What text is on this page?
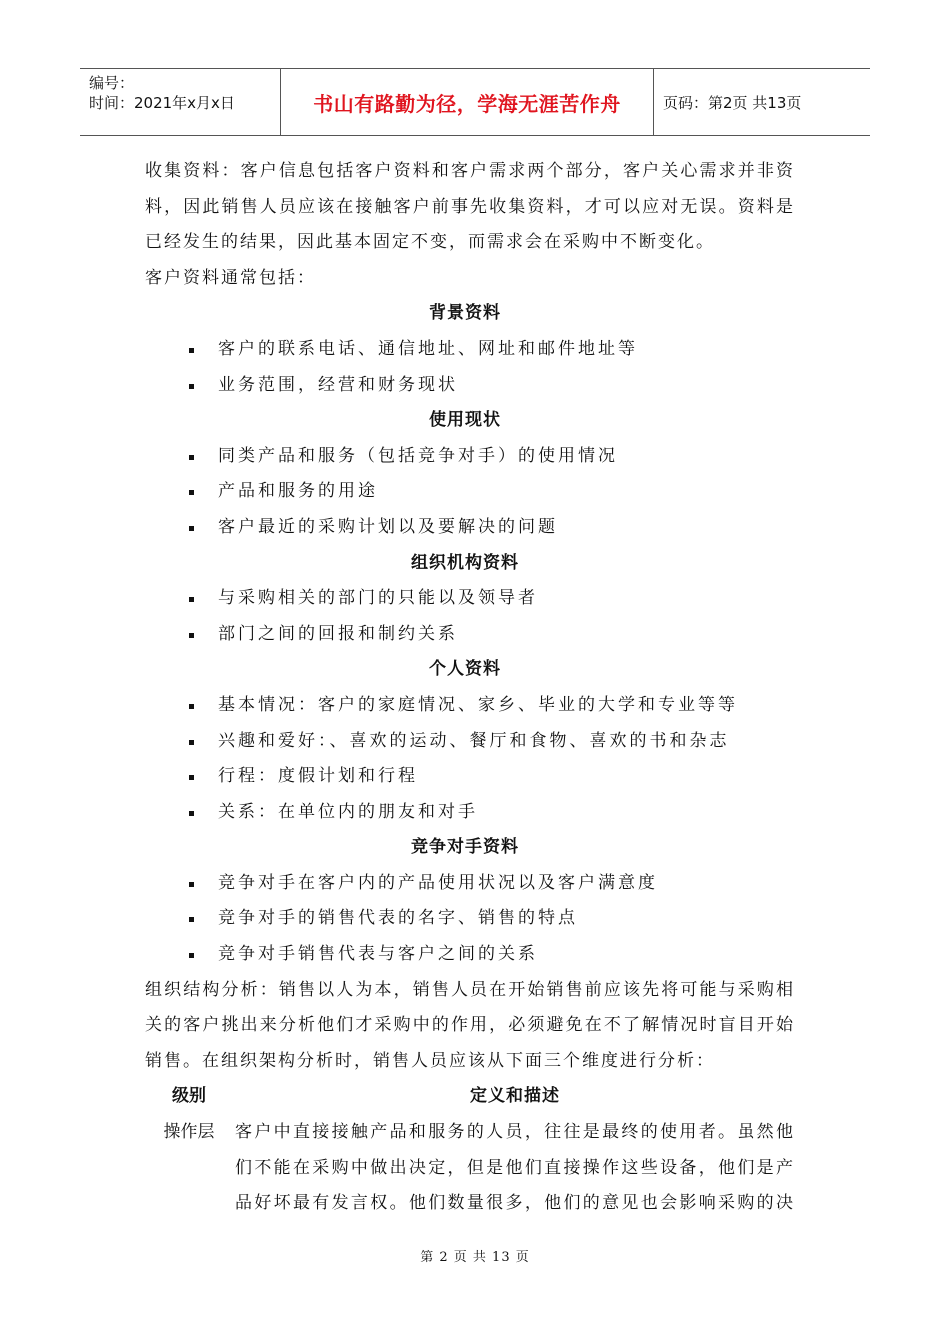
编号：
时间：2021年x月x日	书山有路勤为径，学海无涯苦作舟	页码：第2页 共13页
收集资料：客户信息包括客户资料和客户需求两个部分，客户关心需求并非资
料，因此销售人员应该在接触客户前事先收集资料，才可以应对无误。资料是
已经发生的结果，因此基本固定不变，而需求会在采购中不断变化。
客户资料通常包括：
背景资料
客户的联系电话、通信地址、网址和邮件地址等
业务范围，经营和财务现状
使用现状
同类产品和服务（包括竞争对手）的使用情况
产品和服务的用途
客户最近的采购计划以及要解决的问题
组织机构资料
与采购相关的部门的只能以及领导者
部门之间的回报和制约关系
个人资料
基本情况：客户的家庭情况、家乡、毕业的大学和专业等等
兴趣和爱好：、喜欢的运动、餐厅和食物、喜欢的书和杂志
行程：度假计划和行程
关系：在单位内的朋友和对手
竞争对手资料
竞争对手在客户内的产品使用状况以及客户满意度
竞争对手的销售代表的名字、销售的特点
竞争对手销售代表与客户之间的关系
组织结构分析：销售以人为本，销售人员在开始销售前应该先将可能与采购相
关的客户挑出来分析他们才采购中的作用，必须避免在不了解情况时盲目开始
销售。在组织架构分析时，销售人员应该从下面三个维度进行分析：
级别	定义和描述
操作层	客户中直接接触产品和服务的人员，往往是最终的使用者。虽然他
们不能在采购中做出决定，但是他们直接操作这些设备，他们是产
品好坏最有发言权。他们数量很多，他们的意见也会影响采购的决
第 2 页 共 13 页
